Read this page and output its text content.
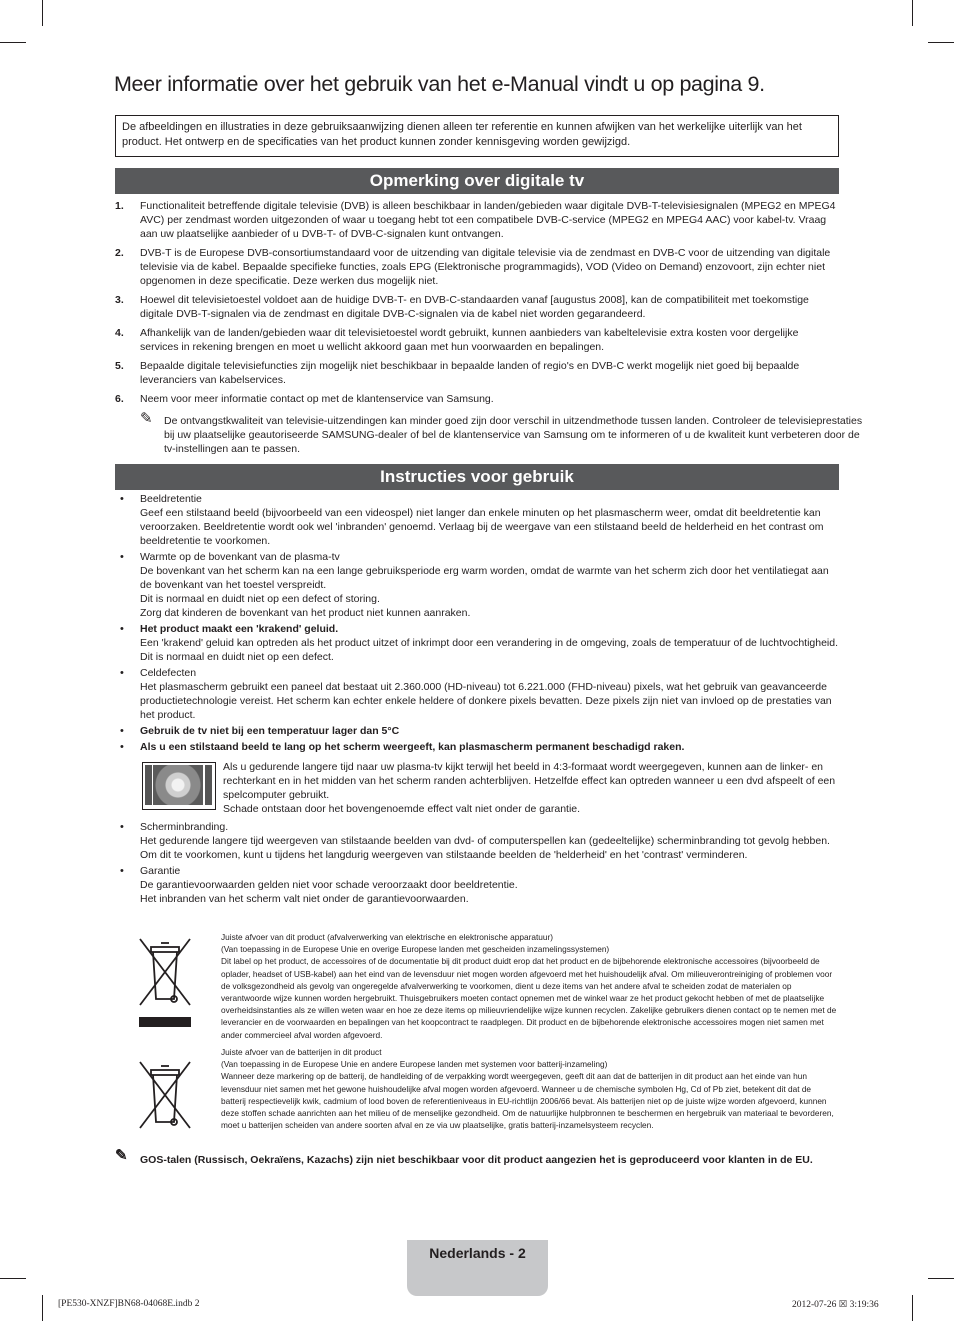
Meer informatie over het gebruik van het e-Manual vindt u op pagina 9.
De afbeeldingen en illustraties in deze gebruiksaanwijzing dienen alleen ter referentie en kunnen afwijken van het werkelijke uiterlijk van het product. Het ontwerp en de specificaties van het product kunnen zonder kennisgeving worden gewijzigd.
Opmerking over digitale tv
1. Functionaliteit betreffende digitale televisie (DVB) is alleen beschikbaar in landen/gebieden waar digitale DVB-T-televisiesignalen (MPEG2 en MPEG4 AVC) per zendmast worden uitgezonden of waar u toegang hebt tot een compatibele DVB-C-service (MPEG2 en MPEG4 AAC) voor kabel-tv. Vraag aan uw plaatselijke aanbieder of u DVB-T- of DVB-C-signalen kunt ontvangen.
2. DVB-T is de Europese DVB-consortiumstandaard voor de uitzending van digitale televisie via de zendmast en DVB-C voor de uitzending van digitale televisie via de kabel. Bepaalde specifieke functies, zoals EPG (Elektronische programmagids), VOD (Video on Demand) enzovoort, zijn echter niet opgenomen in deze specificatie. Deze werken dus mogelijk niet.
3. Hoewel dit televisietoestel voldoet aan de huidige DVB-T- en DVB-C-standaarden vanaf [augustus 2008], kan de compatibiliteit met toekomstige digitale DVB-T-signalen via de zendmast en digitale DVB-C-signalen via de kabel niet worden gegarandeerd.
4. Afhankelijk van de landen/gebieden waar dit televisietoestel wordt gebruikt, kunnen aanbieders van kabeltelevisie extra kosten voor dergelijke services in rekening brengen en moet u wellicht akkoord gaan met hun voorwaarden en bepalingen.
5. Bepaalde digitale televisiefuncties zijn mogelijk niet beschikbaar in bepaalde landen of regio's en DVB-C werkt mogelijk niet goed bij bepaalde leveranciers van kabelservices.
6. Neem voor meer informatie contact op met de klantenservice van Samsung.
✎ De ontvangstkwaliteit van televisie-uitzendingen kan minder goed zijn door verschil in uitzendmethode tussen landen. Controleer de televisieprestaties bij uw plaatselijke geautoriseerde SAMSUNG-dealer of bel de klantenservice van Samsung om te informeren of u de kwaliteit kunt verbeteren door de tv-instellingen aan te passen.
Instructies voor gebruik
• Beeldretentie

Geef een stilstaand beeld (bijvoorbeeld van een videospel) niet langer dan enkele minuten op het plasmascherm weer, omdat dit beeldretentie kan veroorzaken. Beeldretentie wordt ook wel 'inbranden' genoemd. Verlaag bij de weergave van een stilstaand beeld de helderheid en het contrast om beeldretentie te voorkomen.

• Warmte op de bovenkant van de plasma-tv

De bovenkant van het scherm kan na een lange gebruiksperiode erg warm worden, omdat de warmte van het scherm zich door het ventilatiegat aan de bovenkant van het toestel verspreidt.

Dit is normaal en duidt niet op een defect of storing.

Zorg dat kinderen de bovenkant van het product niet kunnen aanraken.

• Het product maakt een 'krakend' geluid.

Een 'krakend' geluid kan optreden als het product uitzet of inkrimpt door een verandering in de omgeving, zoals de temperatuur of de luchtvochtigheid. Dit is normaal en duidt niet op een defect.

• Celdefecten

Het plasmascherm gebruikt een paneel dat bestaat uit 2.360.000 (HD-niveau) tot 6.221.000 (FHD-niveau) pixels, wat het gebruik van geavanceerde productietechnologie vereist. Het scherm kan echter enkele heldere of donkere pixels bevatten. Deze pixels zijn niet van invloed op de prestaties van het product.

• Gebruik de tv niet bij een temperatuur lager dan 5°C
• Als u een stilstaand beeld te lang op het scherm weergeeft, kan plasmascherm permanent beschadigd raken.

Als u gedurende langere tijd naar uw plasma-tv kijkt terwijl het beeld in 4:3-formaat wordt weergegeven, kunnen aan de linker- en rechterkant en in het midden van het scherm randen achterblijven. Hetzelfde effect kan optreden wanneer u een dvd afspeelt of een spelcomputer gebruikt.

Schade ontstaan door het bovengenoemde effect valt niet onder de garantie.

• Scherminbranding.

Het gedurende langere tijd weergeven van stilstaande beelden van dvd- of computerspellen kan (gedeeltelijke) scherminbranding tot gevolg hebben.

Om dit te voorkomen, kunt u tijdens het langdurig weergeven van stilstaande beelden de 'helderheid' en het 'contrast' verminderen.

• Garantie

De garantievoorwaarden gelden niet voor schade veroorzaakt door beeldretentie.

Het inbranden van het scherm valt niet onder de garantievoorwaarden.

Juiste afvoer van dit product (afvalverwerking van elektrische en elektronische apparatuur)
(Van toepassing in de Europese Unie en overige Europese landen met gescheiden inzamelingssystemen)
Dit label op het product, de accessoires of de documentatie bij dit product duidt erop dat het product en de bijbehorende elektronische accessoires (bijvoorbeeld de oplader, headset of USB-kabel) aan het eind van de levensduur niet mogen worden afgevoerd met het huishoudelijk afval. Om milieuverontreiniging of problemen voor de volksgezondheid als gevolg van ongeregelde afvalverwerking te voorkomen, dient u deze items van het andere afval te scheiden zodat de materialen op verantwoorde wijze kunnen worden hergebruikt. Thuisgebruikers moeten contact opnemen met de winkel waar ze het product gekocht hebben of met de plaatselijke overheidsinstanties als ze willen weten waar en hoe ze deze items op milieuvriendelijke wijze kunnen recyclen. Zakelijke gebruikers dienen contact op te nemen met de leverancier en de voorwaarden en bepalingen van het koopcontract te raadplegen. Dit product en de bijbehorende elektronische accessoires mogen niet samen met ander commercieel afval worden afgevoerd.
Juiste afvoer van de batterijen in dit product
(Van toepassing in de Europese Unie en andere Europese landen met systemen voor batterij-inzameling)
Wanneer deze markering op de batterij, de handleiding of de verpakking wordt weergegeven, geeft dit aan dat de batterijen in dit product aan het einde van hun levensduur niet samen met het gewone huishoudelijke afval mogen worden afgevoerd. Wanneer u de chemische symbolen Hg, Cd of Pb ziet, betekent dit dat de batterij respectievelijk kwik, cadmium of lood boven de referentieniveaus in EU-richtlijn 2006/66 bevat. Als batterijen niet op de juiste wijze worden afgevoerd, kunnen deze stoffen schade aanrichten aan het milieu of de menselijke gezondheid. Om de natuurlijke hulpbronnen te beschermen en hergebruik van materiaal te bevorderen, moet u batterijen scheiden van andere soorten afval en ze via uw plaatselijke, gratis batterij-inzamelsysteem recyclen.
✎ GOS-talen (Russisch, Oekraïens, Kazachs) zijn niet beschikbaar voor dit product aangezien het is geproduceerd voor klanten in de EU.
Nederlands - 2
[PE530-XNZF]BN68-04068E.indb 2	2012-07-26 ☒ 3:19:36
